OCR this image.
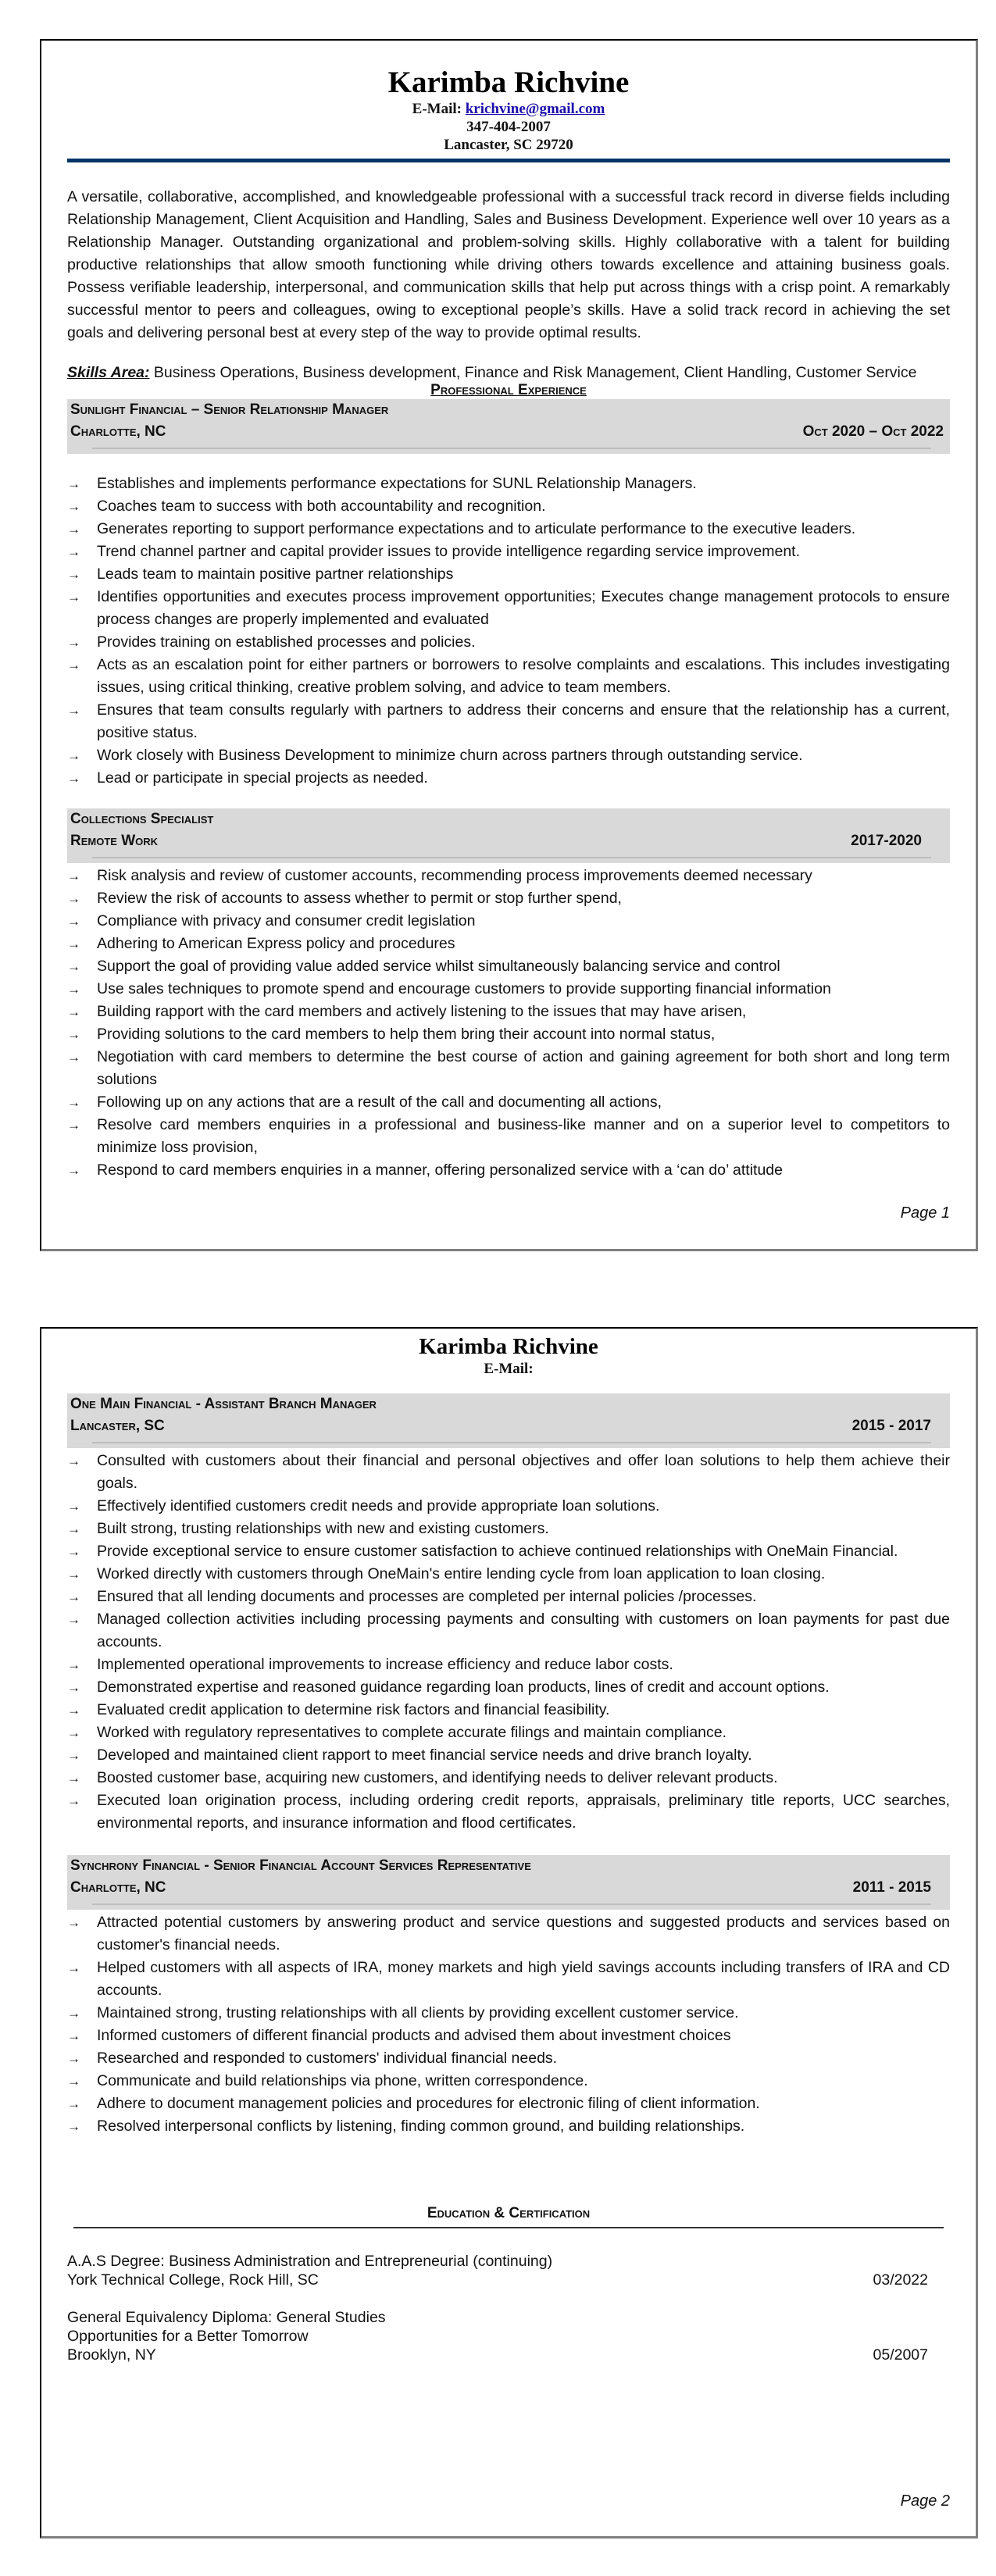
Karimba Richvine
E-Mail: krichvine@gmail.com
347-404-2007
Lancaster, SC 29720

A versatile, collaborative, accomplished, and knowledgeable professional with a successful track record in diverse fields including Relationship Management, Client Acquisition and Handling, Sales and Business Development. Experience well over 10 years as a Relationship Manager. Outstanding organizational and problem-solving skills. Highly collaborative with a talent for building productive relationships that allow smooth functioning while driving others towards excellence and attaining business goals. Possess verifiable leadership, interpersonal, and communication skills that help put across things with a crisp point. A remarkably successful mentor to peers and colleagues, owing to exceptional people’s skills. Have a solid track record in achieving the set goals and delivering personal best at every step of the way to provide optimal results.

Skills Area: Business Operations, Business development, Finance and Risk Management, Client Handling, Customer Service

Professional Experience
Sunlight Financial – Senior Relationship Manager
Charlotte, NC	Oct 2020 – Oct 2022
→ Establishes and implements performance expectations for SUNL Relationship Managers.
→ Coaches team to success with both accountability and recognition.
→ Generates reporting to support performance expectations and to articulate performance to the executive leaders.
→ Trend channel partner and capital provider issues to provide intelligence regarding service improvement.
→ Leads team to maintain positive partner relationships
→ Identifies opportunities and executes process improvement opportunities; Executes change management protocols to ensure process changes are properly implemented and evaluated
→ Provides training on established processes and policies.
→ Acts as an escalation point for either partners or borrowers to resolve complaints and escalations. This includes investigating issues, using critical thinking, creative problem solving, and advice to team members.
→ Ensures that team consults regularly with partners to address their concerns and ensure that the relationship has a current, positive status.
→ Work closely with Business Development to minimize churn across partners through outstanding service.
→ Lead or participate in special projects as needed.
Collections Specialist
Remote Work	2017-2020
→ Risk analysis and review of customer accounts, recommending process improvements deemed necessary
→ Review the risk of accounts to assess whether to permit or stop further spend,
→ Compliance with privacy and consumer credit legislation
→ Adhering to American Express policy and procedures
→ Support the goal of providing value added service whilst simultaneously balancing service and control
→ Use sales techniques to promote spend and encourage customers to provide supporting financial information
→ Building rapport with the card members and actively listening to the issues that may have arisen,
→ Providing solutions to the card members to help them bring their account into normal status,
→ Negotiation with card members to determine the best course of action and gaining agreement for both short and long term solutions
→ Following up on any actions that are a result of the call and documenting all actions,
→ Resolve card members enquiries in a professional and business-like manner and on a superior level to competitors to minimize loss provision,
→ Respond to card members enquiries in a manner, offering personalized service with a ‘can do’ attitude
Page 1
Karimba Richvine
E-Mail:
One Main Financial - Assistant Branch Manager
Lancaster, SC	2015 - 2017
→ Consulted with customers about their financial and personal objectives and offer loan solutions to help them achieve their goals.
→ Effectively identified customers credit needs and provide appropriate loan solutions.
→ Built strong, trusting relationships with new and existing customers.
→ Provide exceptional service to ensure customer satisfaction to achieve continued relationships with OneMain Financial.
→ Worked directly with customers through OneMain's entire lending cycle from loan application to loan closing.
→ Ensured that all lending documents and processes are completed per internal policies /processes.
→ Managed collection activities including processing payments and consulting with customers on loan payments for past due accounts.
→ Implemented operational improvements to increase efficiency and reduce labor costs.
→ Demonstrated expertise and reasoned guidance regarding loan products, lines of credit and account options.
→ Evaluated credit application to determine risk factors and financial feasibility.
→ Worked with regulatory representatives to complete accurate filings and maintain compliance.
→ Developed and maintained client rapport to meet financial service needs and drive branch loyalty.
→ Boosted customer base, acquiring new customers, and identifying needs to deliver relevant products.
→ Executed loan origination process, including ordering credit reports, appraisals, preliminary title reports, UCC searches, environmental reports, and insurance information and flood certificates.
Synchrony Financial - Senior Financial Account Services Representative
Charlotte, NC	2011 - 2015
→ Attracted potential customers by answering product and service questions and suggested products and services based on customer's financial needs.
→ Helped customers with all aspects of IRA, money markets and high yield savings accounts including transfers of IRA and CD accounts.
→ Maintained strong, trusting relationships with all clients by providing excellent customer service.
→ Informed customers of different financial products and advised them about investment choices
→ Researched and responded to customers' individual financial needs.
→ Communicate and build relationships via phone, written correspondence.
→ Adhere to document management policies and procedures for electronic filing of client information.
→ Resolved interpersonal conflicts by listening, finding common ground, and building relationships.
Education & Certification
A.A.S Degree: Business Administration and Entrepreneurial (continuing)
York Technical College, Rock Hill, SC	03/2022
General Equivalency Diploma: General Studies
Opportunities for a Better Tomorrow
Brooklyn, NY	05/2007
Page 2
